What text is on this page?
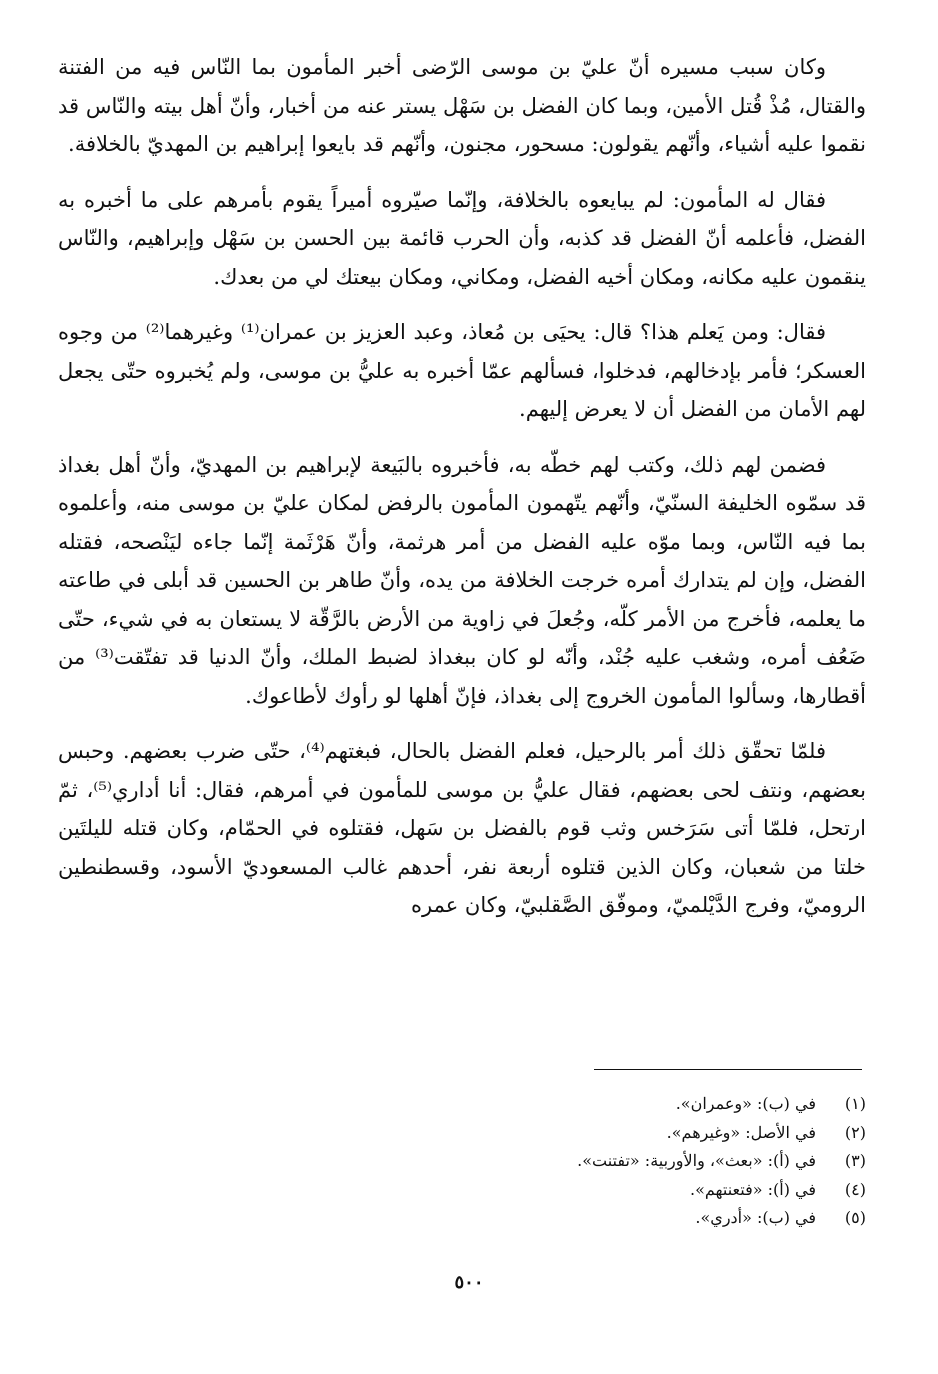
وكان سبب مسيره أنّ عليّ بن موسى الرّضى أخبر المأمون بما النّاس فيه من الفتنة والقتال، مُذْ قُتل الأمين، وبما كان الفضل بن سَهْل يستر عنه من أخبار، وأنّ أهل بيته والنّاس قد نقموا عليه أشياء، وأنّهم يقولون: مسحور، مجنون، وأنّهم قد بايعوا إبراهيم بن المهديّ بالخلافة.

فقال له المأمون: لم يبايعوه بالخلافة، وإنّما صيّروه أميراً يقوم بأمرهم على ما أخبره به الفضل، فأعلمه أنّ الفضل قد كذبه، وأن الحرب قائمة بين الحسن بن سَهْل وإبراهيم، والنّاس ينقمون عليه مكانه، ومكان أخيه الفضل، ومكاني، ومكان بيعتك لي من بعدك.

فقال: ومن يَعلم هذا؟ قال: يحيَى بن مُعاذ، وعبد العزيز بن عمران⁽¹⁾ وغيرهما⁽²⁾ من وجوه العسكر؛ فأمر بإدخالهم، فدخلوا، فسألهم عمّا أخبره به عليُّ بن موسى، ولم يُخبروه حتّى يجعل لهم الأمان من الفضل أن لا يعرض إليهم.

فضمن لهم ذلك، وكتب لهم خطّه به، فأخبروه بالبَيعة لإبراهيم بن المهديّ، وأنّ أهل بغداذ قد سمّوه الخليفة السنّيّ، وأنّهم يتّهمون المأمون بالرفض لمكان عليّ بن موسى منه، وأعلموه بما فيه النّاس، وبما موّه عليه الفضل من أمر هرثمة، وأنّ هَرْثَمة إنّما جاءه ليَنْصحه، فقتله الفضل، وإن لم يتدارك أمره خرجت الخلافة من يده، وأنّ طاهر بن الحسين قد أبلى في طاعته ما يعلمه، فأخرج من الأمر كلّه، وجُعلَ في زاوية من الأرض بالرَّقّة لا يستعان به في شيء، حتّى ضَعُف أمره، وشغب عليه جُنْد، وأنّه لو كان ببغداذ لضبط الملك، وأنّ الدنيا قد تفتّقت⁽³⁾ من أقطارها، وسألوا المأمون الخروج إلى بغداذ، فإنّ أهلها لو رأوك لأطاعوك.

فلمّا تحقّق ذلك أمر بالرحيل، فعلم الفضل بالحال، فبغتهم⁽⁴⁾، حتّى ضرب بعضهم. وحبس بعضهم، ونتف لحى بعضهم، فقال عليُّ بن موسى للمأمون في أمرهم، فقال: أنا أداري⁽⁵⁾، ثمّ ارتحل، فلمّا أتى سَرَخس وثب قوم بالفضل بن سَهل، فقتلوه في الحمّام، وكان قتله لليلتَين خلتا من شعبان، وكان الذين قتلوه أربعة نفر، أحدهم غالب المسعوديّ الأسود، وقسطنطين الروميّ، وفرج الدَّيْلميّ، وموفّق الصَّقلبيّ، وكان عمره

(١)في (ب): «وعمران».
(٢)في الأصل: «وغيرهم».
(٣)في (أ): «بعث»، والأوربية: «تفتنت».
(٤)في (أ): «فتعنتهم».
(٥)في (ب): «أدري».
٥٠٠
